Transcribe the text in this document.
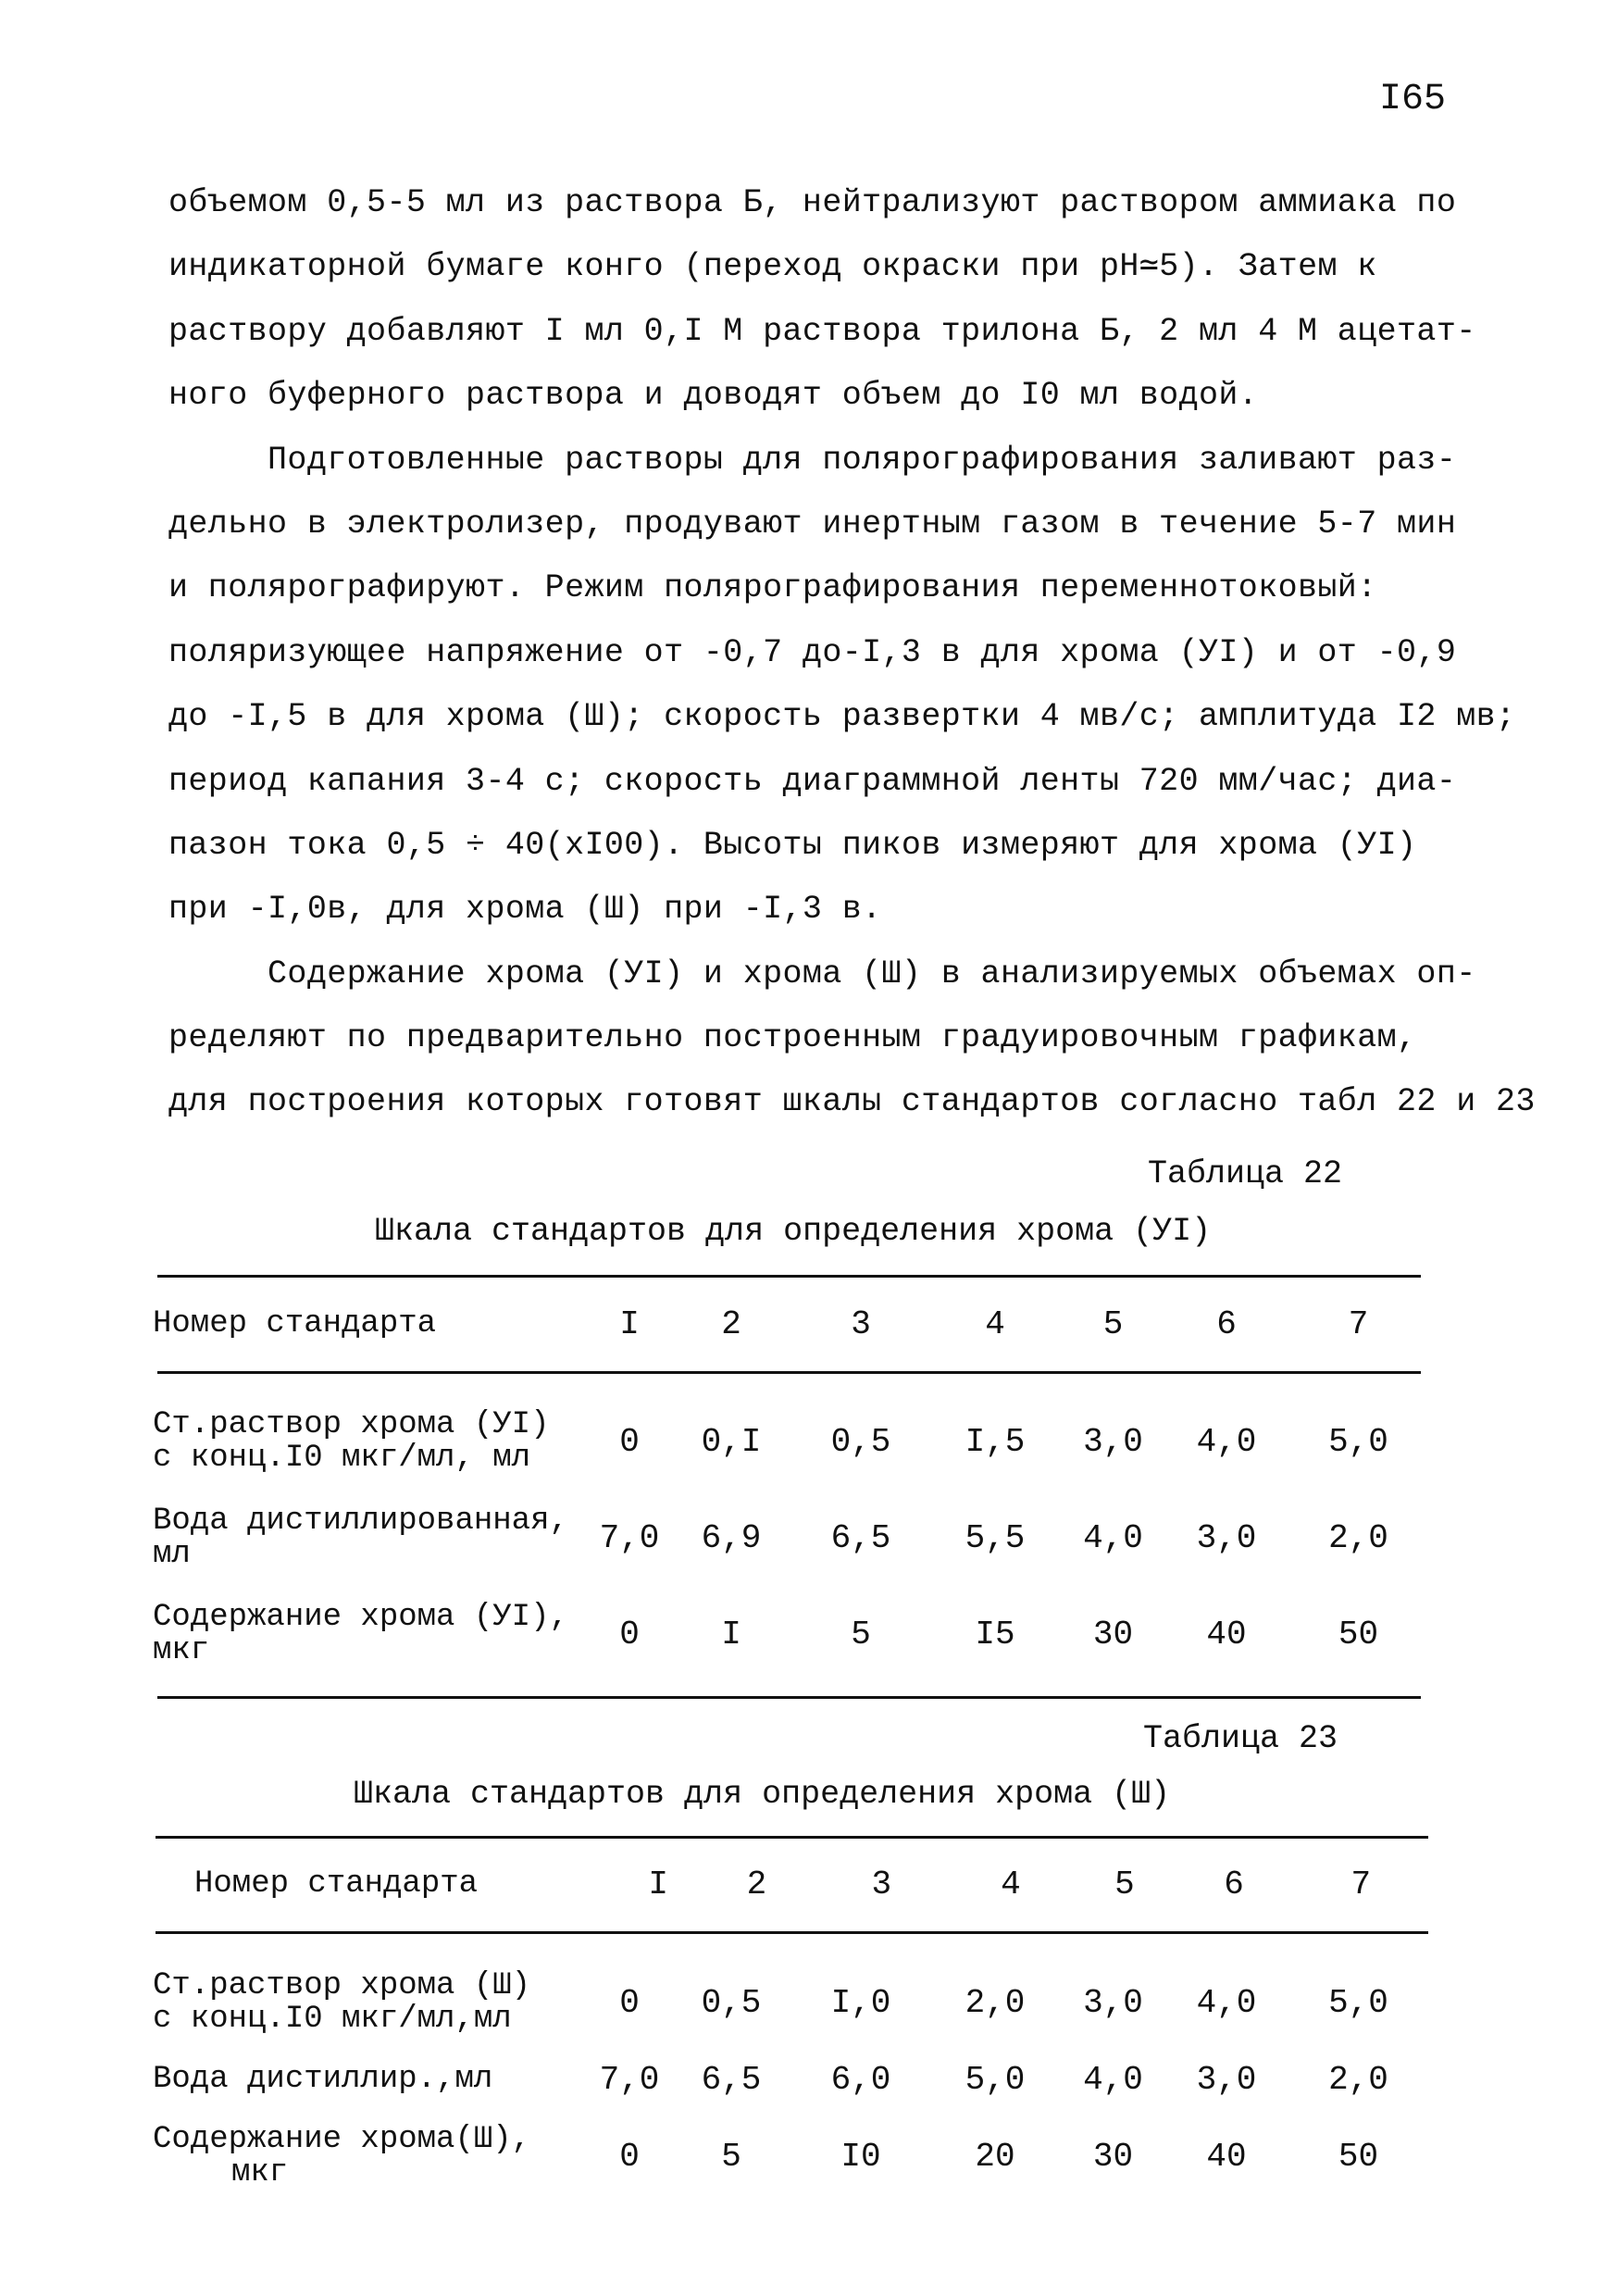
I65
объемом 0,5-5 мл из раствора Б, нейтрализуют раствором аммиака по
индикаторной бумаге конго (переход окраски при pH≃5). Затем к
раствору добавляют I мл 0,I M раствора трилона Б, 2 мл 4 M ацетат-
ного буферного раствора и доводят объем до I0 мл водой.
Подготовленные растворы для полярографирования заливают раз-
дельно в электролизер, продувают инертным газом в течение 5-7 мин
и полярографируют. Режим полярографирования переменнотоковый:
поляризующее напряжение от -0,7 до-I,3 в для хрома (УI) и от -0,9
до -I,5 в для хрома (Ш); скорость развертки 4 мв/с; амплитуда I2 мв;
период капания 3-4 с; скорость диаграммной ленты 720 мм/час; диа-
пазон тока 0,5 ÷ 40(xI00). Высоты пиков измеряют для хрома (УI)
при -I,0в, для хрома (Ш) при -I,3 в.
Содержание хрома (УI) и хрома (Ш) в анализируемых объемах оп-
ределяют по предварительно построенным градуировочным графикам,
для построения которых готовят шкалы стандартов согласно табл 22 и 23
Таблица 22
Шкала стандартов для определения хрома (УI)
Номер стандарта	I	2	3	4	5	6	7
Ст.раствор хрома (УI)
с конц.I0 мкг/мл, мл	0	0,I	0,5	I,5	3,0	4,0	5,0
Вода дистиллированная,
мл	7,0	6,9	6,5	5,5	4,0	3,0	2,0
Содержание хрома (УI),
мкг	0	I	5	I5	30	40	50
Таблица 23
Шкала стандартов для определения хрома (Ш)
Номер стандарта	I	2	3	4	5	6	7
Ст.раствор хрома (Ш)
с конц.I0 мкг/мл,мл	0	0,5	I,0	2,0	3,0	4,0	5,0
Вода дистиллир.,мл	7,0	6,5	6,0	5,0	4,0	3,0	2,0
Содержание хрома(Ш),
мкг	0	5	I0	20	30	40	50
